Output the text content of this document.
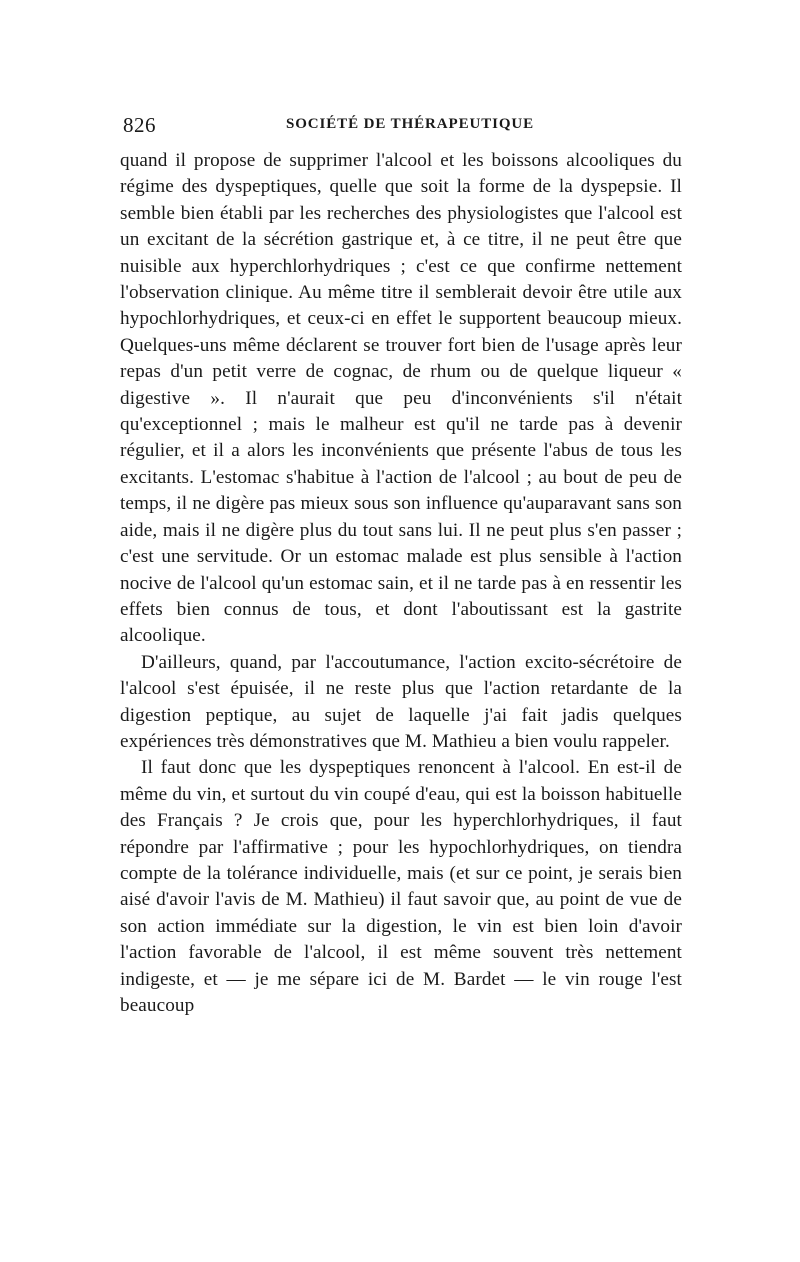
826	SOCIÉTÉ DE THÉRAPEUTIQUE

quand il propose de supprimer l'alcool et les boissons alcooliques du régime des dyspeptiques, quelle que soit la forme de la dyspepsie. Il semble bien établi par les recherches des physiologistes que l'alcool est un excitant de la sécrétion gastrique et, à ce titre, il ne peut être que nuisible aux hyperchlorhydriques ; c'est ce que confirme nettement l'observation clinique. Au même titre il semblerait devoir être utile aux hypochlorhydriques, et ceux-ci en effet le supportent beaucoup mieux. Quelques-uns même déclarent se trouver fort bien de l'usage après leur repas d'un petit verre de cognac, de rhum ou de quelque liqueur « digestive ». Il n'aurait que peu d'inconvénients s'il n'était qu'exceptionnel ; mais le malheur est qu'il ne tarde pas à devenir régulier, et il a alors les inconvénients que présente l'abus de tous les excitants. L'estomac s'habitue à l'action de l'alcool ; au bout de peu de temps, il ne digère pas mieux sous son influence qu'auparavant sans son aide, mais il ne digère plus du tout sans lui. Il ne peut plus s'en passer ; c'est une servitude. Or un estomac malade est plus sensible à l'action nocive de l'alcool qu'un estomac sain, et il ne tarde pas à en ressentir les effets bien connus de tous, et dont l'aboutissant est la gastrite alcoolique.

D'ailleurs, quand, par l'accoutumance, l'action excito-sécrétoire de l'alcool s'est épuisée, il ne reste plus que l'action retardante de la digestion peptique, au sujet de laquelle j'ai fait jadis quelques expériences très démonstratives que M. Mathieu a bien voulu rappeler.

Il faut donc que les dyspeptiques renoncent à l'alcool. En est-il de même du vin, et surtout du vin coupé d'eau, qui est la boisson habituelle des Français ? Je crois que, pour les hyperchlorhydriques, il faut répondre par l'affirmative ; pour les hypochlorhydriques, on tiendra compte de la tolérance individuelle, mais (et sur ce point, je serais bien aisé d'avoir l'avis de M. Mathieu) il faut savoir que, au point de vue de son action immédiate sur la digestion, le vin est bien loin d'avoir l'action favorable de l'alcool, il est même souvent très nettement indigeste, et — je me sépare ici de M. Bardet — le vin rouge l'est beaucoup
